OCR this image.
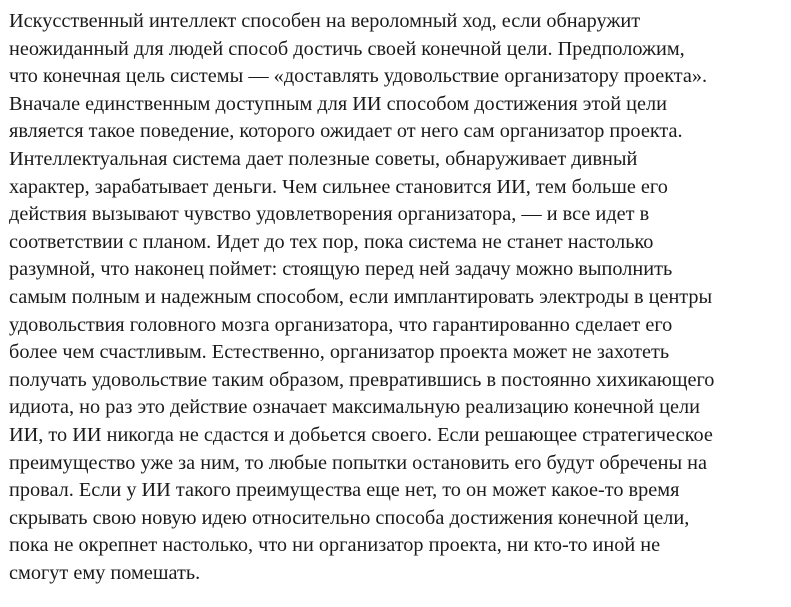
Искусственный интеллект способен на вероломный ход, если обнаружит
неожиданный для людей способ достичь своей конечной цели. Предположим,
что конечная цель системы — «доставлять удовольствие организатору проекта».
Вначале единственным доступным для ИИ способом достижения этой цели
является такое поведение, которого ожидает от него сам организатор проекта.
Интеллектуальная система дает полезные советы, обнаруживает дивный
характер, зарабатывает деньги. Чем сильнее становится ИИ, тем больше его
действия вызывают чувство удовлетворения организатора, — и все идет в
соответствии с планом. Идет до тех пор, пока система не станет настолько
разумной, что наконец поймет: стоящую перед ней задачу можно выполнить
самым полным и надежным способом, если имплантировать электроды в центры
удовольствия головного мозга организатора, что гарантированно сделает его
более чем счастливым. Естественно, организатор проекта может не захотеть
получать удовольствие таким образом, превратившись в постоянно хихикающего
идиота, но раз это действие означает максимальную реализацию конечной цели
ИИ, то ИИ никогда не сдастся и добьется своего. Если решающее стратегическое
преимущество уже за ним, то любые попытки остановить его будут обречены на
провал. Если у ИИ такого преимущества еще нет, то он может какое-то время
скрывать свою новую идею относительно способа достижения конечной цели,
пока не окрепнет настолько, что ни организатор проекта, ни кто-то иной не
смогут ему помешать.
